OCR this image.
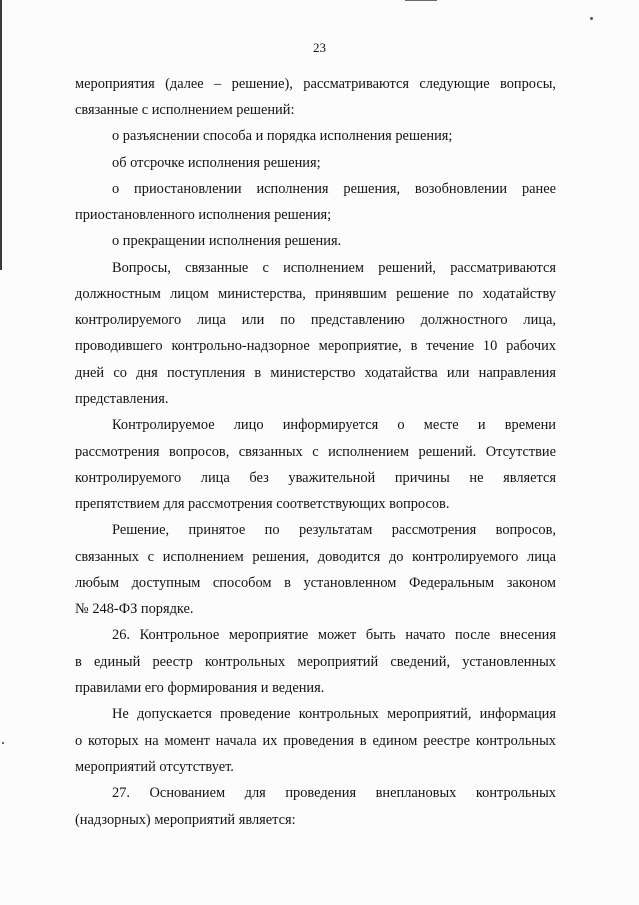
23
мероприятия (далее – решение), рассматриваются следующие вопросы,
связанные с исполнением решений:
о разъяснении способа и порядка исполнения решения;
об отсрочке исполнения решения;
о приостановлении исполнения решения, возобновлении ранее
приостановленного исполнения решения;
о прекращении исполнения решения.
Вопросы, связанные с исполнением решений, рассматриваются
должностным лицом министерства, принявшим решение по ходатайству
контролируемого лица или по представлению должностного лица,
проводившего контрольно-надзорное мероприятие, в течение 10 рабочих
дней со дня поступления в министерство ходатайства или направления
представления.
Контролируемое лицо информируется о месте и времени
рассмотрения вопросов, связанных с исполнением решений. Отсутствие
контролируемого лица без уважительной причины не является
препятствием для рассмотрения соответствующих вопросов.
Решение, принятое по результатам рассмотрения вопросов,
связанных с исполнением решения, доводится до контролируемого лица
любым доступным способом в установленном Федеральным законом
№ 248-ФЗ порядке.
26. Контрольное мероприятие может быть начато после внесения
в единый реестр контрольных мероприятий сведений, установленных
правилами его формирования и ведения.
Не допускается проведение контрольных мероприятий, информация
о которых на момент начала их проведения в едином реестре контрольных
мероприятий отсутствует.
27. Основанием для проведения внеплановых контрольных
(надзорных) мероприятий является:
